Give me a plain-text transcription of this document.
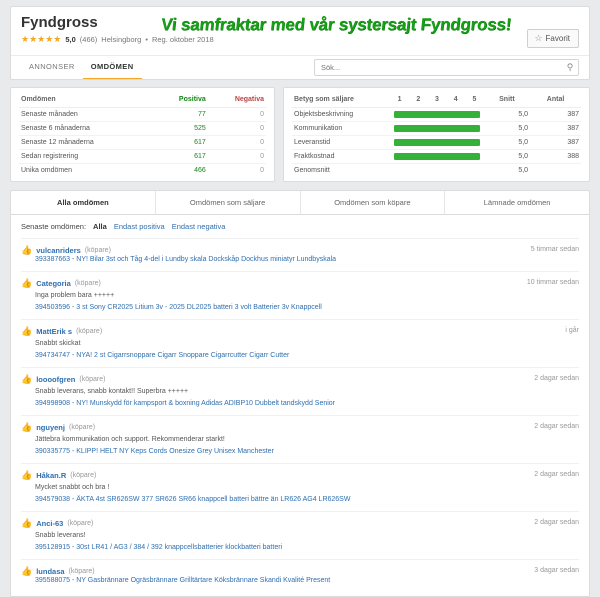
Fyndgross
★★★★★ 5,0 (466) Helsingborg • Reg. oktober 2018
Vi samfraktar med vår systersajt Fyndgross!
☆ Favorit
ANNONSER	OMDÖMEN
Sök...	⚲
Omdömen	Positiva	Negativa
Senaste månaden	77	0
Senaste 6 månaderna	525	0
Senaste 12 månaderna	617	0
Sedan registrering	617	0
Unika omdömen	466	0
Betyg som säljare	1	2	3	4	5	Snitt	Antal
Objektsbeskrivning						5,0	387
Kommunikation						5,0	387
Leveranstid						5,0	387
Fraktkostnad						5,0	388
Genomsnitt						5,0	
Alla omdömen	Omdömen som säljare	Omdömen som köpare	Lämnade omdömen
Senaste omdömen: Alla Endast positiva Endast negativa
👍 vulcanriders (köpare)	5 timmar sedan
393387663 - NY! Bilar 3st och Tåg 4-del i Lundby skala Dockskåp Dockhus miniatyr Lundbyskala
👍 Categoria (köpare)	10 timmar sedan
Inga problem bara +++++
394503596 - 3 st Sony CR2025 Litium 3v - 2025 DL2025 batteri 3 volt Batterier 3v Knappcell
👍 MattErik s (köpare)	i går
Snabbt skickat
394734747 - NYA! 2 st Cigarrsnoppare Cigarr Snoppare Cigarrcutter Cigarr Cutter
👍 loooofgren (köpare)	2 dagar sedan
Snabb leverans, snabb kontakt!! Superbra +++++
394998908 - NY! Munskydd för kampsport & boxning Adidas ADIBP10 Dubbelt tandskydd Senior
👍 nguyenj (köpare)	2 dagar sedan
Jättebra kommunikation och support. Rekommenderar starkt!
390335775 - KLIPP! HELT NY Keps Cords Onesize Grey Unisex Manchester
👍 Håkan.R (köpare)	2 dagar sedan
Mycket snabbt och bra !
394579038 - ÄKTA 4st SR626SW 377 SR626 SR66 knappcell batteri bättre än LR626 AG4 LR626SW
👍 Anci-63 (köpare)	2 dagar sedan
Snabb leverans!
395128915 - 30st LR41 / AG3 / 384 / 392 knappcellsbatterier klockbatteri batteri
👍 lundasa (köpare)	3 dagar sedan
395588075 - NY Gasbrännare Ogräsbrännare Grilltärtare Köksbrännare Skandi Kvalité Present
